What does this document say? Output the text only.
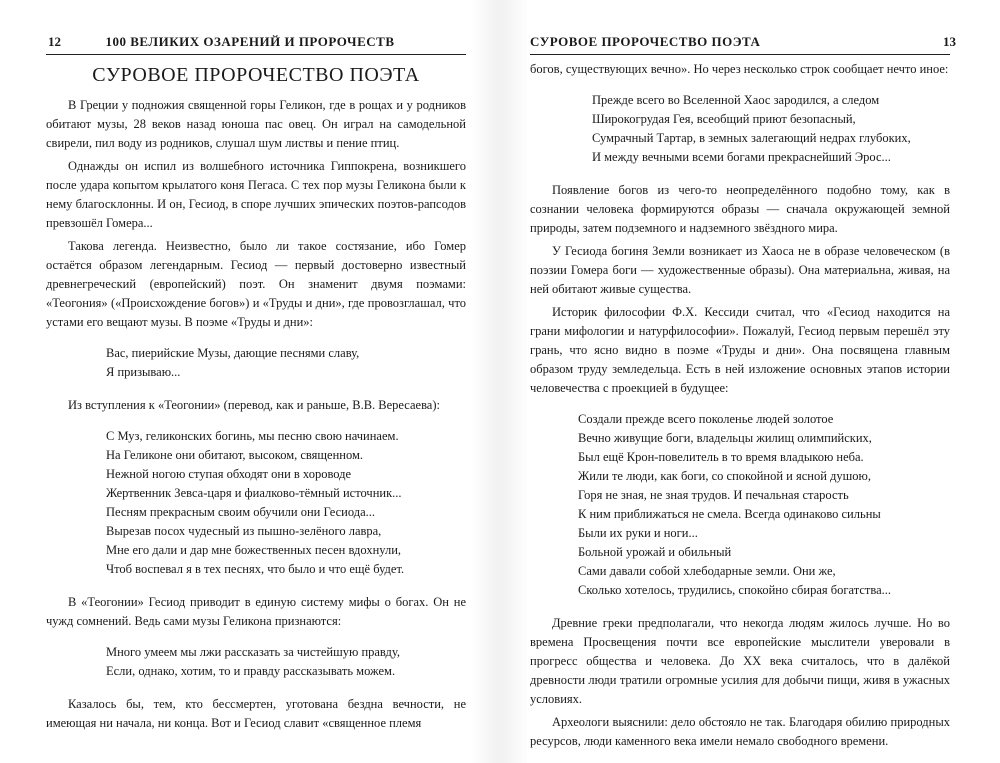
12	100 ВЕЛИКИХ ОЗАРЕНИЙ И ПРОРОЧЕСТВ
СУРОВОЕ ПРОРОЧЕСТВО ПОЭТА

В Греции у подножия священной горы Геликон, где в рощах и у родников обитают музы, 28 веков назад юноша пас овец. Он играл на самодельной свирели, пил воду из родников, слушал шум листвы и пение птиц.

Однажды он испил из волшебного источника Гиппокрена, возникшего после удара копытом крылатого коня Пегаса. С тех пор музы Геликона были к нему благосклонны. И он, Гесиод, в споре лучших эпических поэтов-рапсодов превзошёл Гомера...

Такова легенда. Неизвестно, было ли такое состязание, ибо Гомер остаётся образом легендарным. Гесиод — первый достоверно известный древнегреческий (европейский) поэт. Он знаменит двумя поэмами: «Теогония» («Происхождение богов») и «Труды и дни», где провозглашал, что устами его вещают музы. В поэме «Труды и дни»:

Вас, пиерийские Музы, дающие песнями славу,
Я призываю...

Из вступления к «Теогонии» (перевод, как и раньше, В.В. Вересаева):

С Муз, геликонских богинь, мы песню свою начинаем.
На Геликоне они обитают, высоком, священном.
Нежной ногою ступая обходят они в хороводе
Жертвенник Зевса-царя и фиалково-тёмный источник...
Песням прекрасным своим обучили они Гесиода...
Вырезав посох чудесный из пышно-зелёного лавра,
Мне его дали и дар мне божественных песен вдохнули,
Чтоб воспевал я в тех песнях, что было и что ещё будет.

В «Теогонии» Гесиод приводит в единую систему мифы о богах. Он не чужд сомнений. Ведь сами музы Геликона признаются:

Много умеем мы лжи рассказать за чистейшую правду,
Если, однако, хотим, то и правду рассказывать можем.

Казалось бы, тем, кто бессмертен, уготована бездна вечности, не имеющая ни начала, ни конца. Вот и Гесиод славит «священное племя

СУРОВОЕ ПРОРОЧЕСТВО ПОЭТА	13

богов, существующих вечно». Но через несколько строк сообщает нечто иное:

Прежде всего во Вселенной Хаос зародился, а следом
Широкогрудая Гея, всеобщий приют безопасный,
Сумрачный Тартар, в земных залегающий недрах глубоких,
И между вечными всеми богами прекраснейший Эрос...

Появление богов из чего-то неопределённого подобно тому, как в сознании человека формируются образы — сначала окружающей земной природы, затем подземного и надземного звёздного мира.

У Гесиода богиня Земли возникает из Хаоса не в образе человеческом (в поэзии Гомера боги — художественные образы). Она материальна, живая, на ней обитают живые существа.

Историк философии Ф.Х. Кессиди считал, что «Гесиод находится на грани мифологии и натурфилософии». Пожалуй, Гесиод первым перешёл эту грань, что ясно видно в поэме «Труды и дни». Она посвящена главным образом труду земледельца. Есть в ней изложение основных этапов истории человечества с проекцией в будущее:

Создали прежде всего поколенье людей золотое
Вечно живущие боги, владельцы жилищ олимпийских,
Был ещё Крон-повелитель в то время владыкою неба.
Жили те люди, как боги, со спокойной и ясной душою,
Горя не зная, не зная трудов. И печальная старость
К ним приближаться не смела. Всегда одинаково сильны
Были их руки и ноги...
Больной урожай и обильный
Сами давали собой хлебодарные земли. Они же,
Сколько хотелось, трудились, спокойно сбирая богатства...

Древние греки предполагали, что некогда людям жилось лучше. Но во времена Просвещения почти все европейские мыслители уверовали в прогресс общества и человека. До XX века считалось, что в далёкой древности люди тратили огромные усилия для добычи пищи, живя в ужасных условиях.

Археологи выяснили: дело обстояло не так. Благодаря обилию природных ресурсов, люди каменного века имели немало свободного времени.
